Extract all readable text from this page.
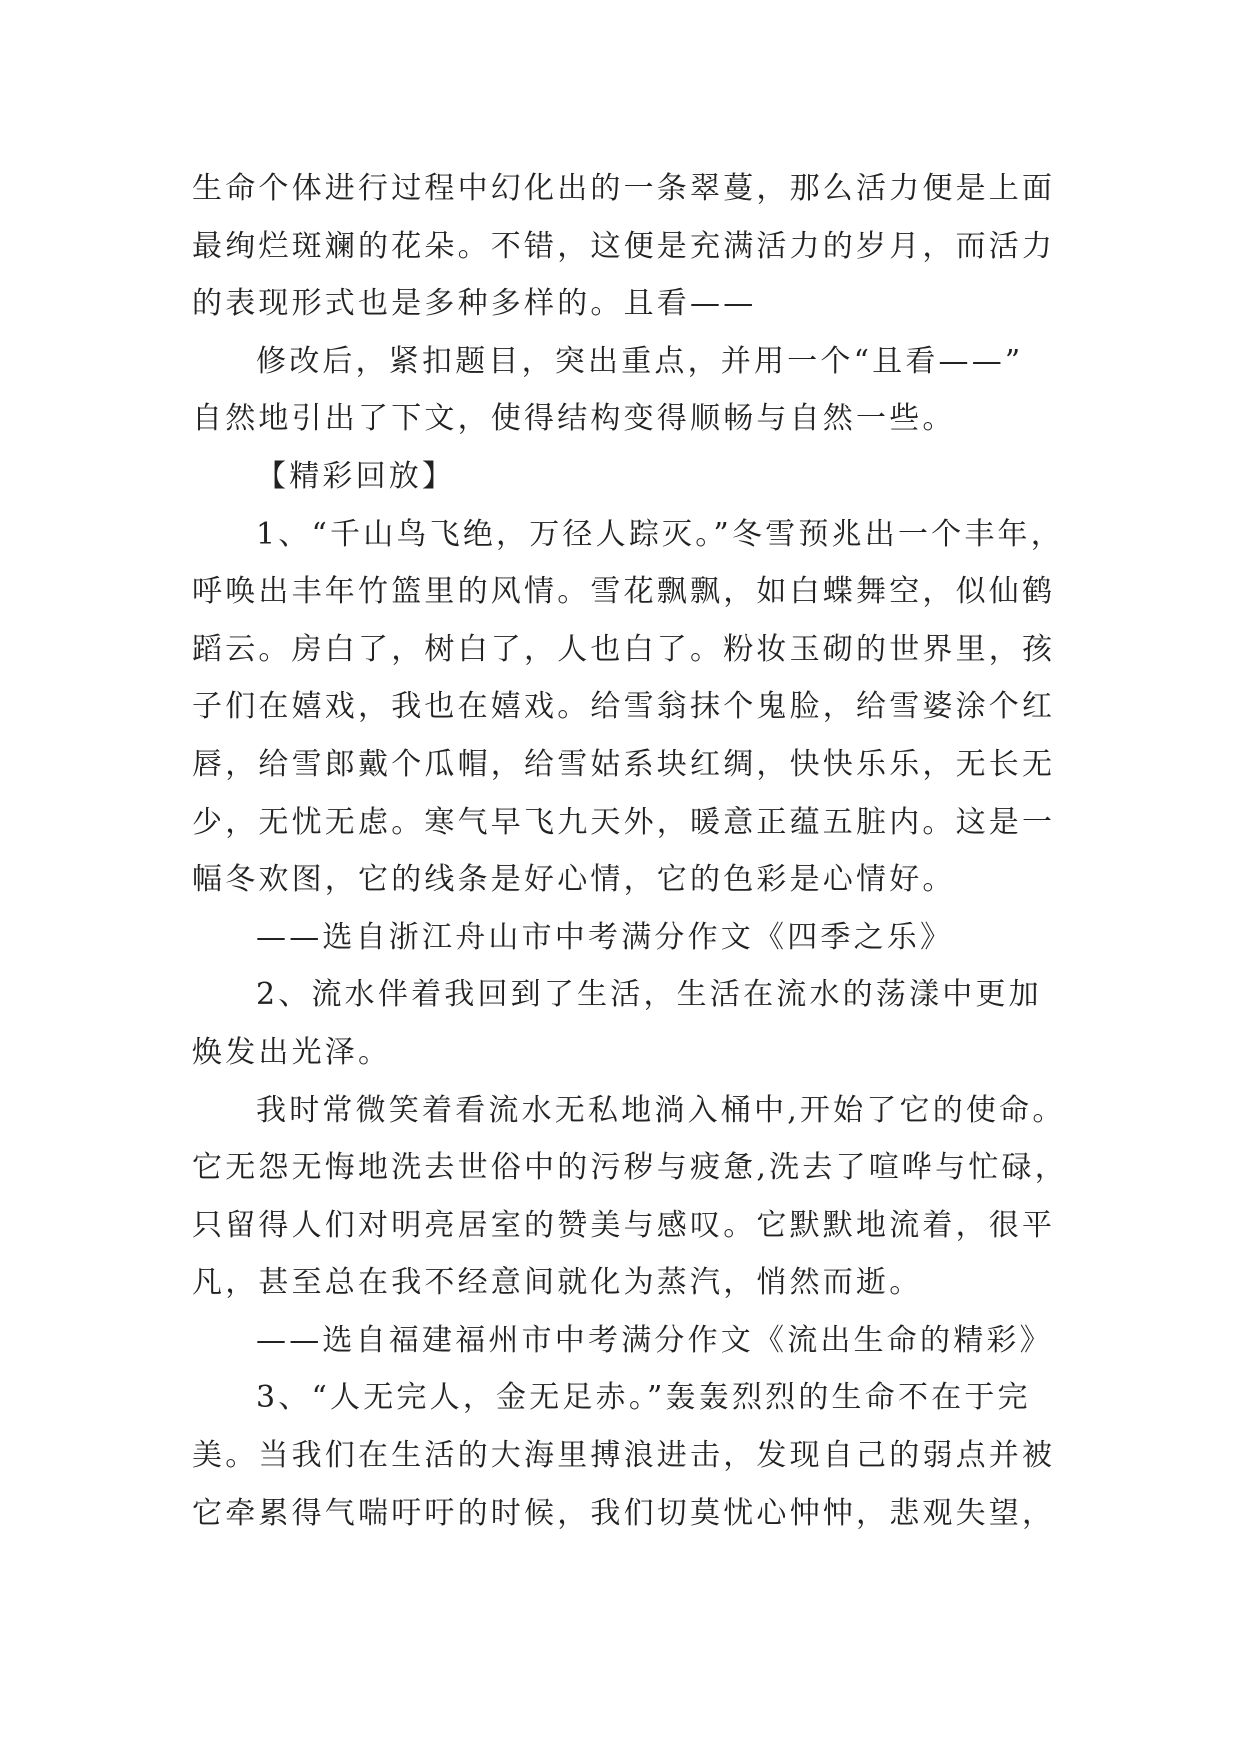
生命个体进行过程中幻化出的一条翠蔓，那么活力便是上面
最绚烂斑斓的花朵。不错，这便是充满活力的岁月，而活力
的表现形式也是多种多样的。且看——
修改后，紧扣题目，突出重点，并用一个“且看——”
自然地引出了下文，使得结构变得顺畅与自然一些。
【精彩回放】
1、“千山鸟飞绝，万径人踪灭。”冬雪预兆出一个丰年，
呼唤出丰年竹篮里的风情。雪花飘飘，如白蝶舞空，似仙鹤
蹈云。房白了，树白了，人也白了。粉妆玉砌的世界里，孩
子们在嬉戏，我也在嬉戏。给雪翁抹个鬼脸，给雪婆涂个红
唇，给雪郎戴个瓜帽，给雪姑系块红绸，快快乐乐，无长无
少，无忧无虑。寒气早飞九天外，暖意正蕴五脏内。这是一
幅冬欢图，它的线条是好心情，它的色彩是心情好。
——选自浙江舟山市中考满分作文《四季之乐》
2、流水伴着我回到了生活，生活在流水的荡漾中更加
焕发出光泽。
我时常微笑着看流水无私地淌入桶中,开始了它的使命。
它无怨无悔地洗去世俗中的污秽与疲惫,洗去了喧哗与忙碌，
只留得人们对明亮居室的赞美与感叹。它默默地流着，很平
凡，甚至总在我不经意间就化为蒸汽，悄然而逝。
——选自福建福州市中考满分作文《流出生命的精彩》
3、“人无完人，金无足赤。”轰轰烈烈的生命不在于完
美。当我们在生活的大海里搏浪进击，发现自己的弱点并被
它牵累得气喘吁吁的时候，我们切莫忧心忡忡，悲观失望，
